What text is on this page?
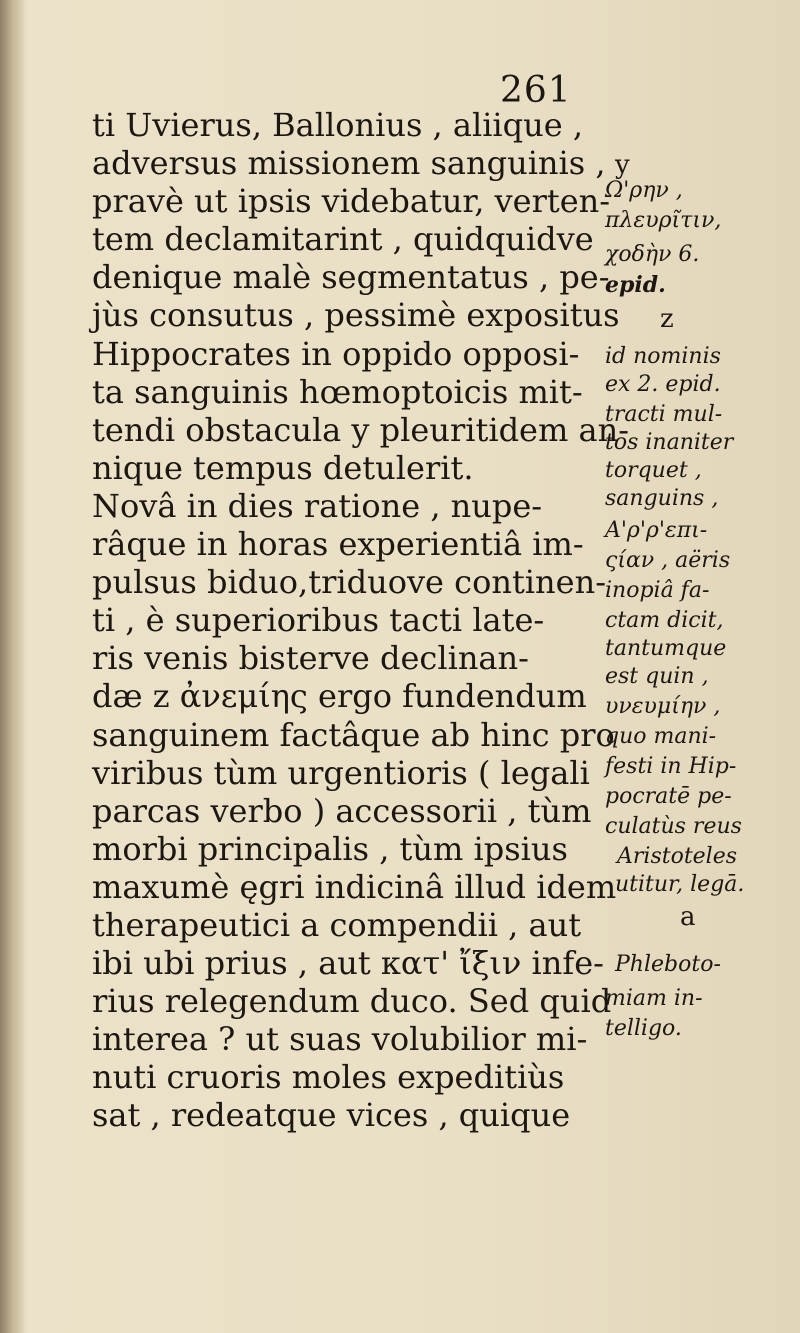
261
ti Uvierus, Ballonius , aliique ,
adversus missionem sanguinis ,
pravè ut ipsis videbatur, verten-
tem declamitarint , quidquidve
denique malè segmentatus , pe-
jùs consutus , pessimè expositus
Hippocrates in oppido opposi-
ta sanguinis hœmoptoicis mit-
tendi obstacula y pleuritidem an-
nique tempus detulerit.
Novâ in dies ratione , nupe-
râque in horas experientiâ im-
pulsus biduo,triduove continen-
ti , è superioribus tacti late-
ris venis bisterve declinan-
dæ z ἀνεμίης ergo fundendum
sanguinem factâque ab hinc pro
viribus tùm urgentioris ( legali
parcas verbo ) accessorii , tùm
morbi principalis , tùm ipsius
maxumè ęgri indicinâ illud idem
therapeutici a compendii , aut
ibi ubi prius , aut κατ' ἴξιν infe-
rius relegendum duco. Sed quid
interea ? ut suas volubilior mi-
nuti cruoris moles expeditiùs
sat , redeatque vices , quique
y
Ω'ρην ,
πλευρῖτιν,
χοδὴν 6.
epid.
z
id nominis
ex 2. epid.
tracti mul-
tos inaniter
torquet ,
sanguins ,
Α'ρ'ρ'επι-
ςίαν , aëris
inopiâ fa-
ctam dicit,
tantumque
est quin ,
υνευμίην ,
quo mani-
festi in Hip-
pocratē pe-
culatùs reus
Aristoteles
utitur, legā.
a
Phleboto-
miam in-
telligo.
